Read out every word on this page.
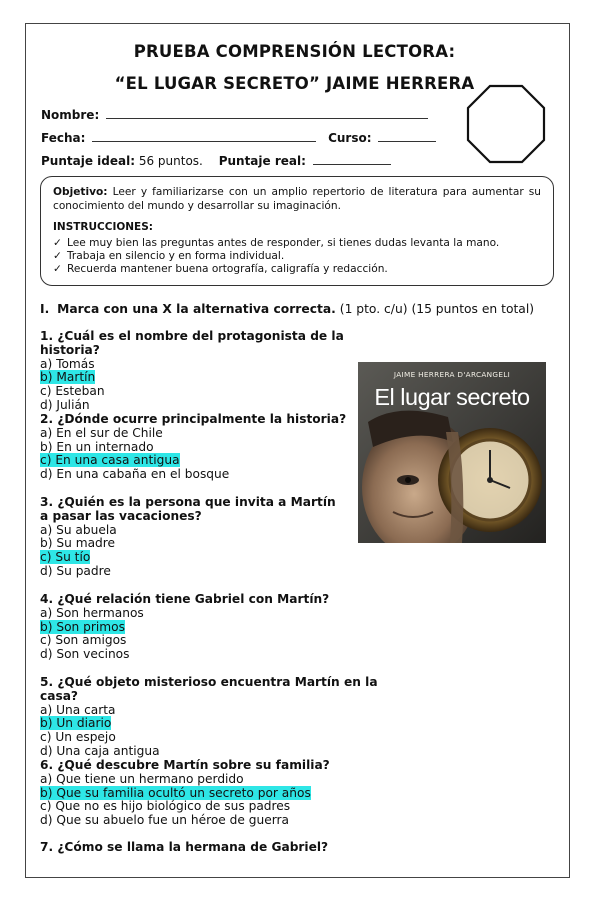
PRUEBA COMPRENSIÓN LECTORA:
“EL LUGAR SECRETO” JAIME HERRERA
Nombre:
Fecha:	Curso:
Puntaje ideal: 56 puntos. Puntaje real:

Objetivo: Leer y familiarizarse con un amplio repertorio de literatura para aumentar su conocimiento del mundo y desarrollar su imaginación.

INSTRUCCIONES:
✓ Lee muy bien las preguntas antes de responder, si tienes dudas levanta la mano.
✓ Trabaja en silencio y en forma individual.
✓ Recuerda mantener buena ortografía, caligrafía y redacción.
I. Marca con una X la alternativa correcta. (1 pto. c/u) (15 puntos en total)
1. ¿Cuál es el nombre del protagonista de la historia?
a) Tomás
b) Martín
c) Esteban
d) Julián
2. ¿Dónde ocurre principalmente la historia?
a) En el sur de Chile
b) En un internado
c) En una casa antigua
d) En una cabaña en el bosque
3. ¿Quién es la persona que invita a Martín a pasar las vacaciones?
a) Su abuela
b) Su madre
c) Su tío
d) Su padre
4. ¿Qué relación tiene Gabriel con Martín?
a) Son hermanos
b) Son primos
c) Son amigos
d) Son vecinos
5. ¿Qué objeto misterioso encuentra Martín en la casa?
a) Una carta
b) Un diario
c) Un espejo
d) Una caja antigua
6. ¿Qué descubre Martín sobre su familia?
a) Que tiene un hermano perdido
b) Que su familia ocultó un secreto por años
c) Que no es hijo biológico de sus padres
d) Que su abuelo fue un héroe de guerra
7. ¿Cómo se llama la hermana de Gabriel?
JAIME HERRERA D'ARCANGELI
El lugar secreto
